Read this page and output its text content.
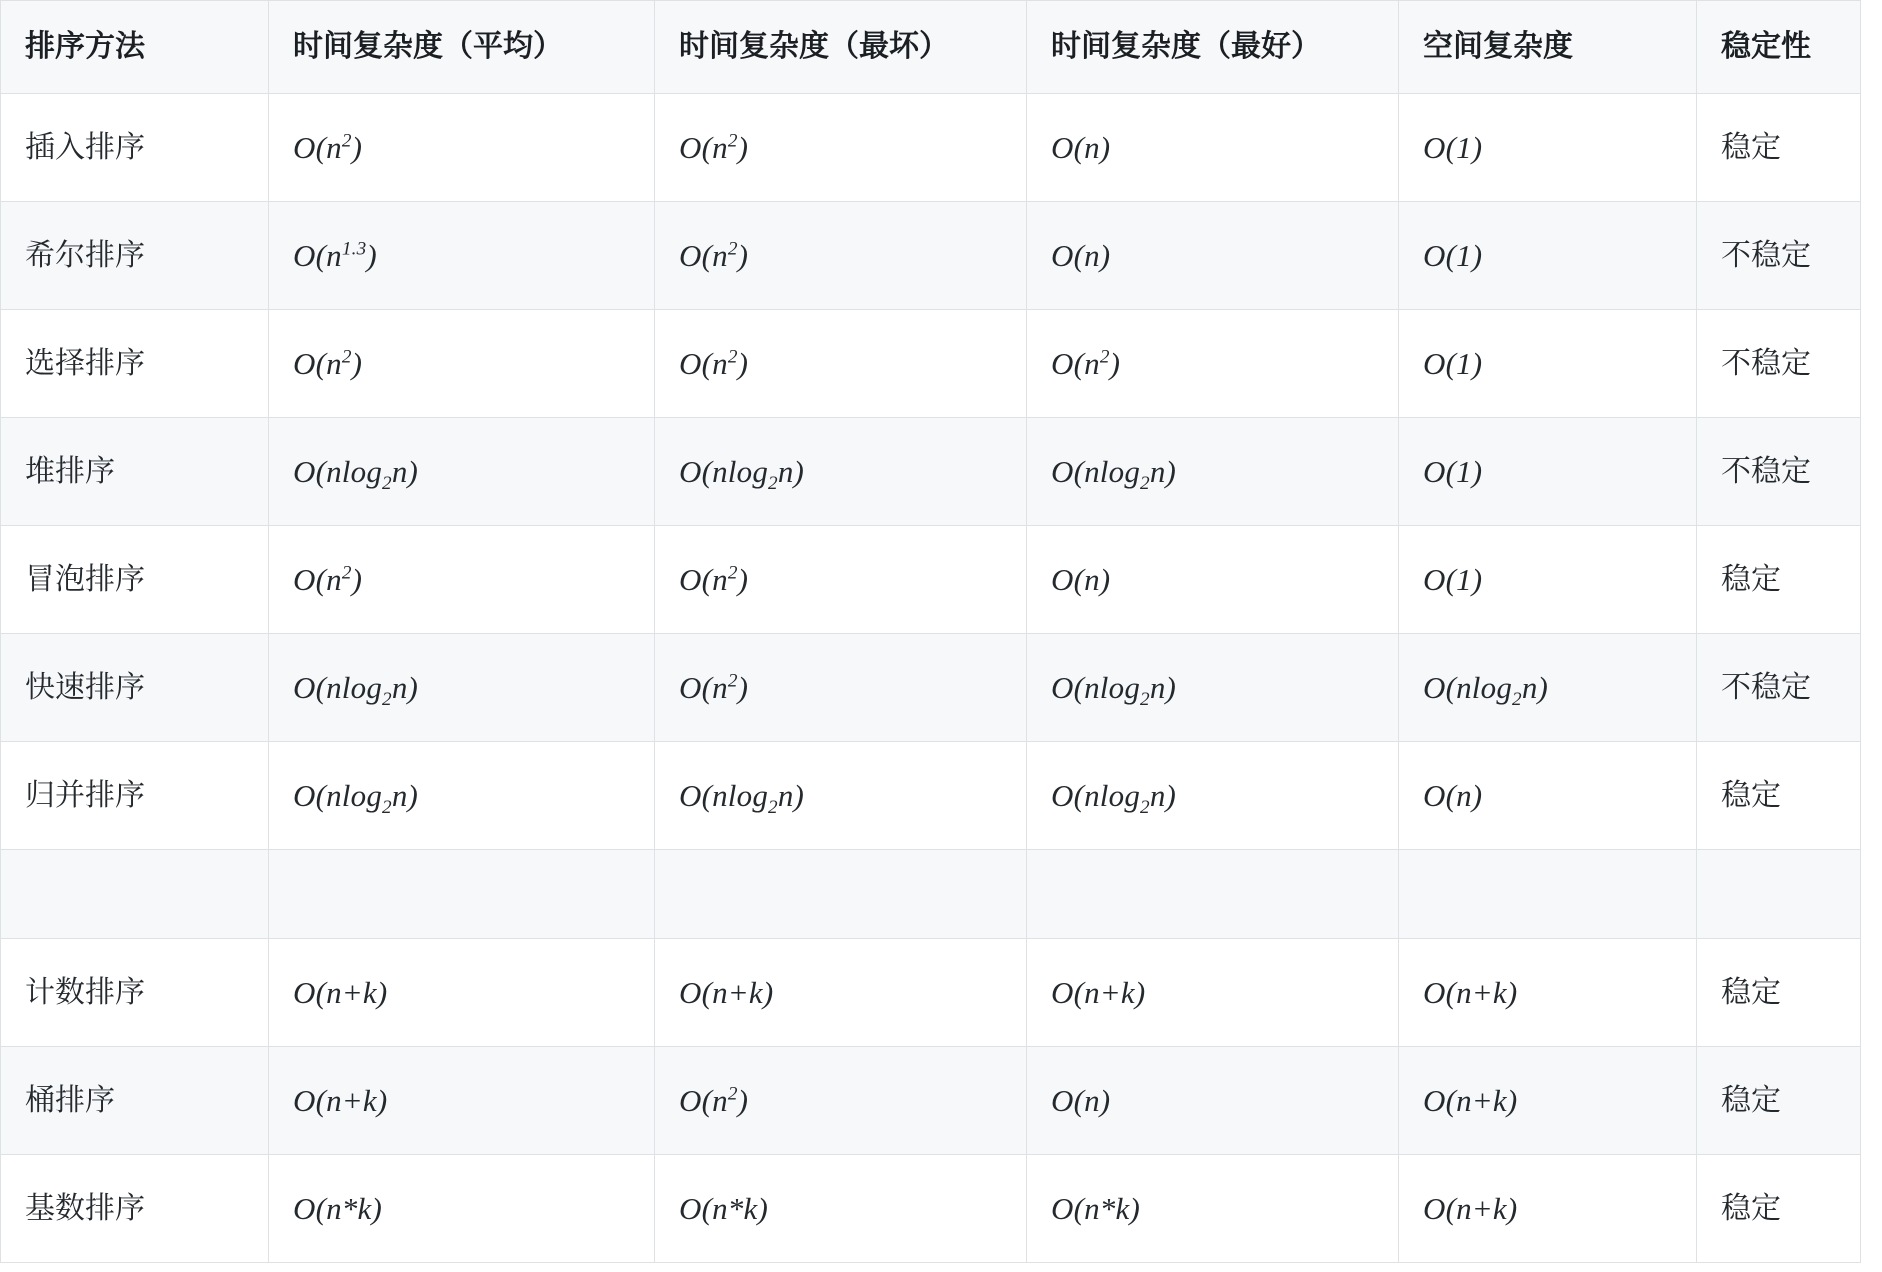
排序方法	时间复杂度（平均）	时间复杂度（最坏）	时间复杂度（最好）	空间复杂度	稳定性
插入排序	$O(n^2)$	$O(n^2)$	O(n)	O(1)	稳定
希尔排序	$O(n^{1.3})$	$O(n^2)$	O(n)	O(1)	不稳定
选择排序	$O(n^2)$	$O(n^2)$	$O(n^2)$	O(1)	不稳定
堆排序	O(nlog$_2$n)	O(nlog$_2$n)	O(nlog$_2$n)	O(1)	不稳定
冒泡排序	$O(n^2)$	$O(n^2)$	O(n)	O(1)	稳定
快速排序	O(nlog$_2$n)	$O(n^2)$	O(nlog$_2$n)	O(nlog$_2$n)	不稳定
归并排序	O(nlog$_2$n)	O(nlog$_2$n)	O(nlog$_2$n)	O(n)	稳定

计数排序	O(n+k)	O(n+k)	O(n+k)	O(n+k)	稳定
桶排序	O(n+k)	$O(n^2)$	O(n)	O(n+k)	稳定
基数排序	O(n*k)	O(n*k)	O(n*k)	O(n+k)	稳定
